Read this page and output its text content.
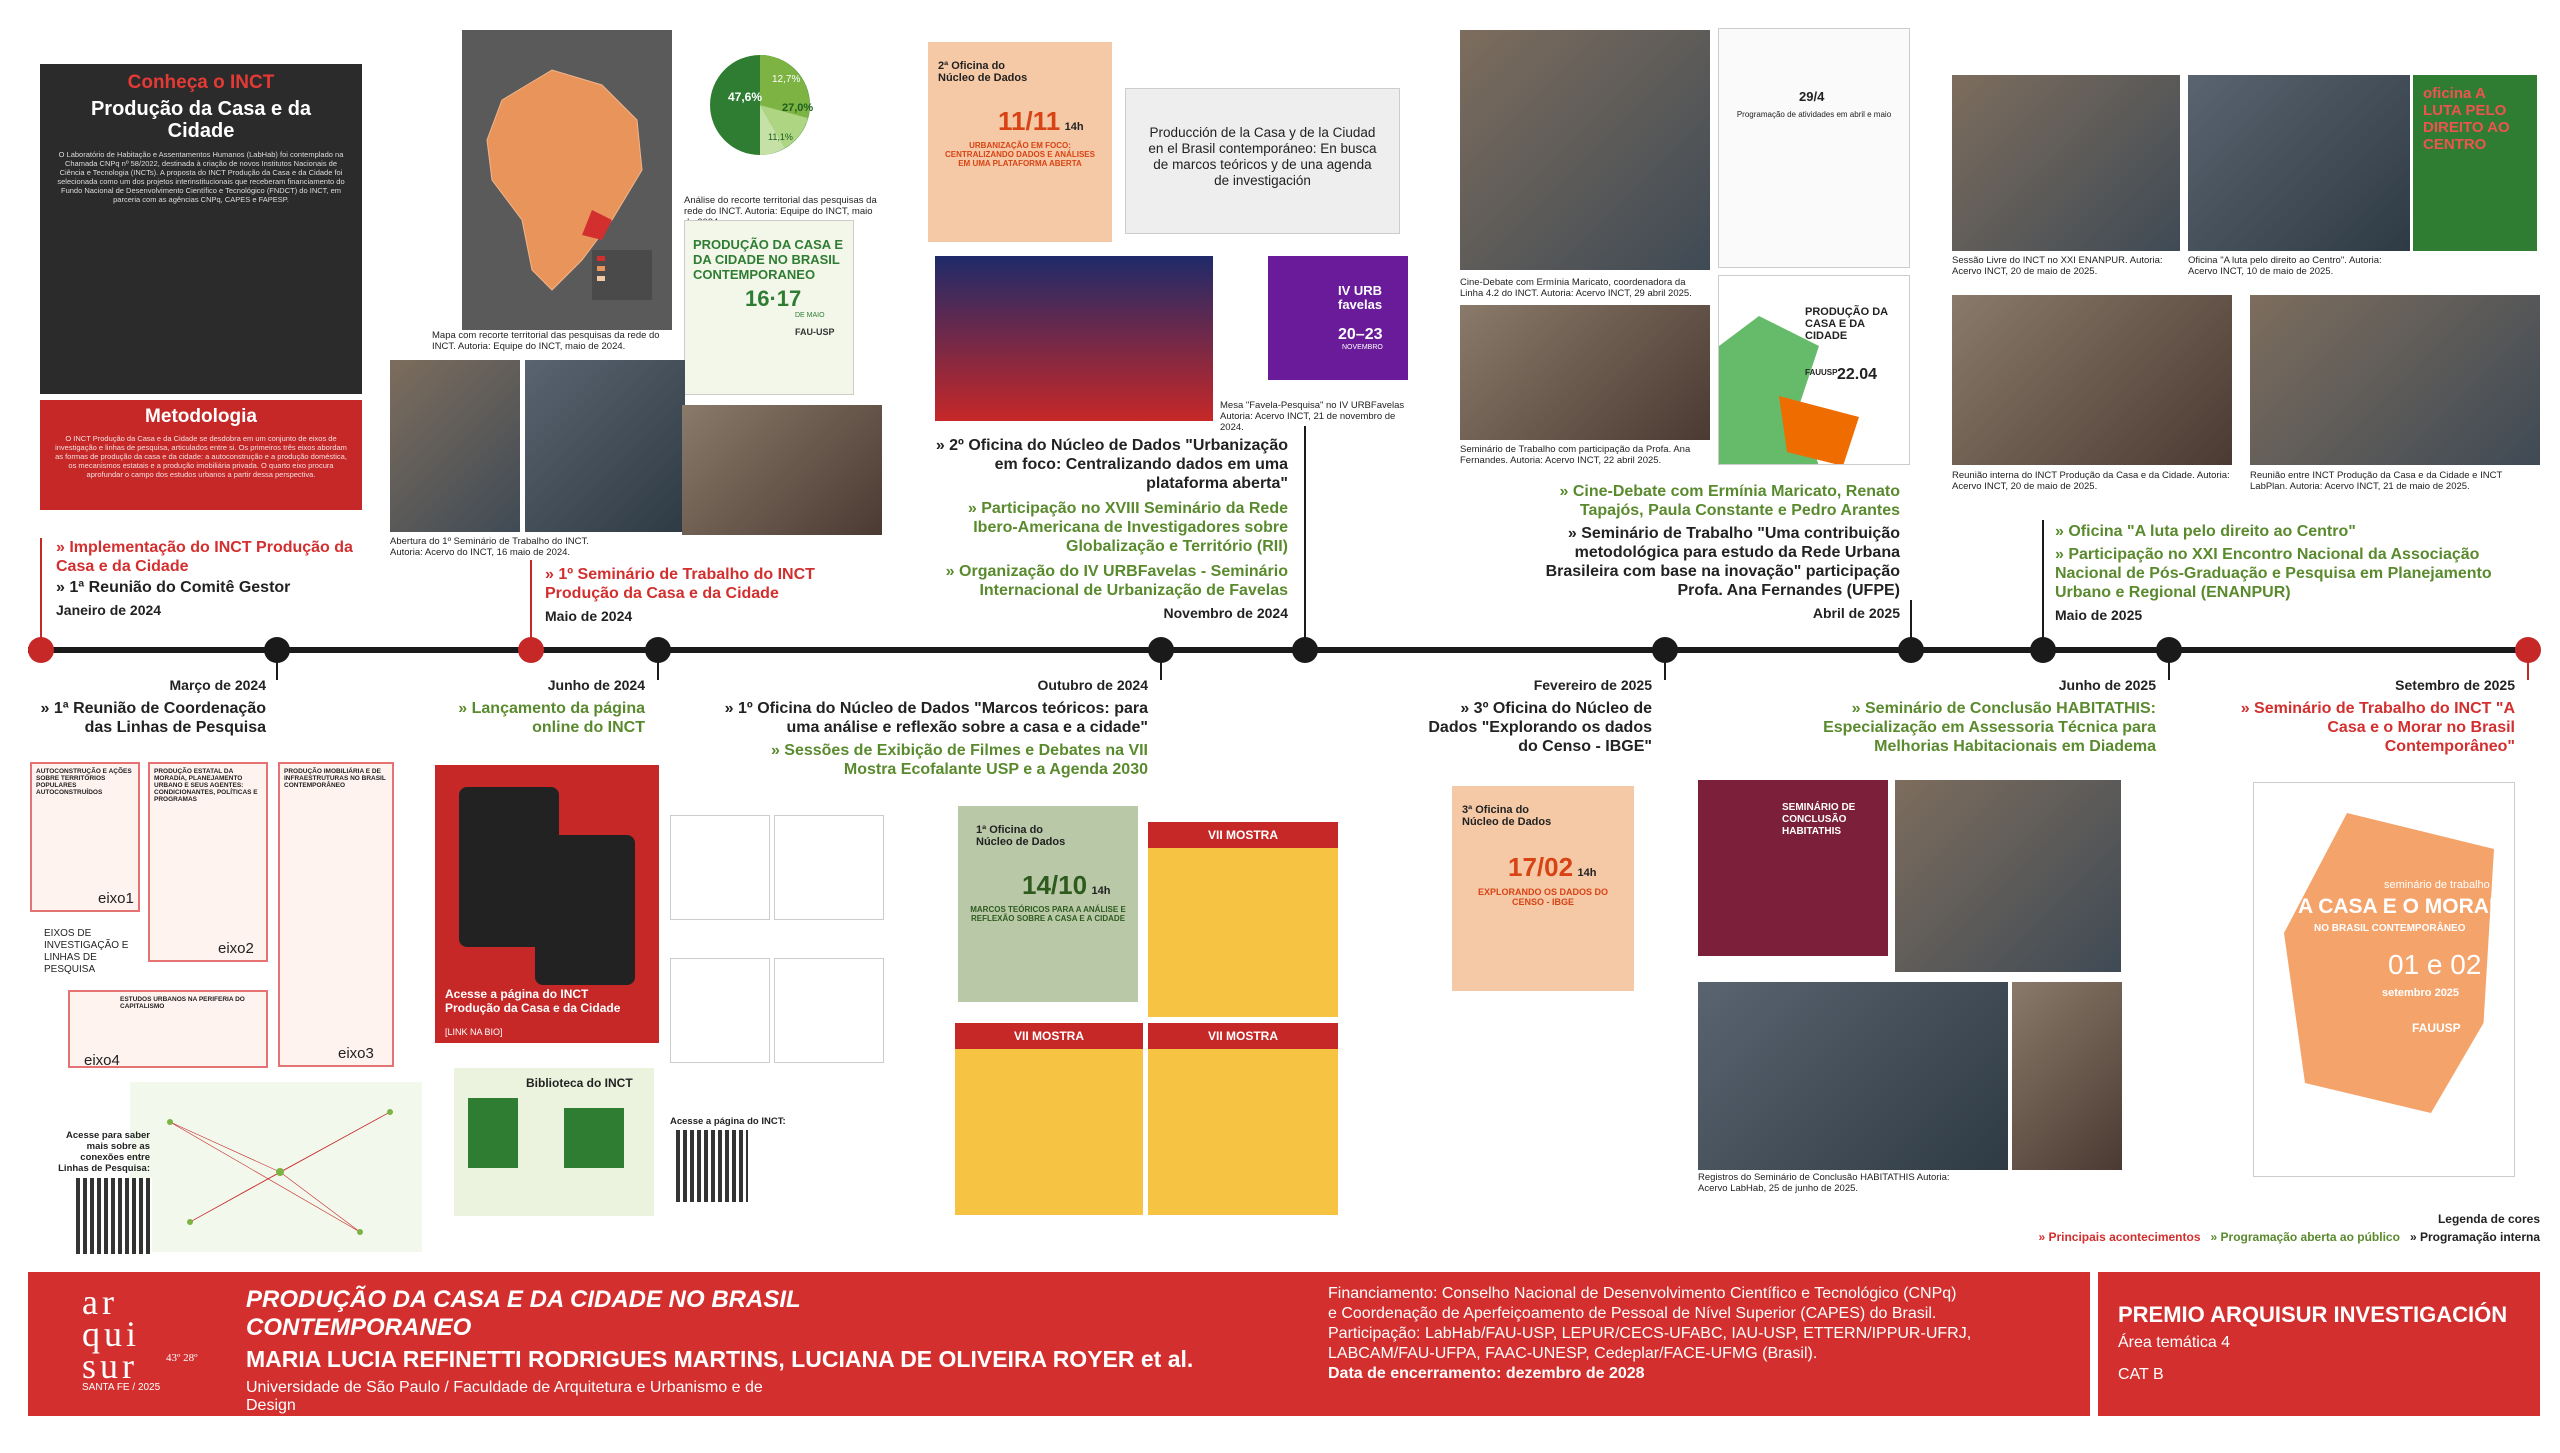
Conheça o INCT
Produção da Casa e da Cidade
O Laboratório de Habitação e Assentamentos Humanos (LabHab) foi contemplado na Chamada CNPq nº 58/2022, destinada à criação de novos Institutos Nacionais de Ciência e Tecnologia (INCTs). A proposta do INCT Produção da Casa e da Cidade foi selecionada como um dos projetos interinstitucionais que receberam financiamento do Fundo Nacional de Desenvolvimento Científico e Tecnológico (FNDCT) do INCT, em parceria com as agências CNPq, CAPES e FAPESP.
Metodologia
O INCT Produção da Casa e da Cidade se desdobra em um conjunto de eixos de investigação e linhas de pesquisa, articulados entre si. Os primeiros três eixos abordam as formas de produção da casa e da cidade: a autoconstrução e a produção doméstica, os mecanismos estatais e a produção imobiliária privada. O quarto eixo procura aprofundar o campo dos estudos urbanos a partir dessa perspectiva.
Mapa com recorte territorial das pesquisas da rede do INCT. Autoria: Equipe do INCT, maio de 2024.
47,6%
27,0%
12,7%
11,1%
Análise do recorte territorial das pesquisas da rede do INCT. Autoria: Equipe do INCT, maio
PRODUÇÃO DA CASA E DA CIDADE NO BRASIL CONTEMPORANEO
16·17
DE MAIO
FAU-USP
Abertura do 1º Seminário de Trabalho do INCT. Autoria: Acervo do INCT, 16 maio de 2024.
2ª Oficina do Núcleo de Dados
11/11 14h
URBANIZAÇÃO EM FOCO: CENTRALIZANDO DADOS E ANÁLISES EM UMA PLATAFORMA ABERTA
Producción de la Casa y de la Ciudad en el Brasil contemporáneo: En busca de marcos teóricos y de una agenda de investigación
IV URB favelas
20–23
NOVEMBRO
Mesa "Favela-Pesquisa" no IV URBFavelas Autoria: Acervo INCT, 21 de novembro de 2024.
Cine-Debate com Ermínia Maricato, coordenadora da Linha 4.2 do INCT. Autoria: Acervo INCT, 29 abril 2025.
29/4
Programação de atividades em abril e maio
Seminário de Trabalho com participação da Profa. Ana Fernandes. Autoria: Acervo INCT, 22 abril 2025.
PRODUÇÃO DA CASA E DA CIDADE
22.04
FAUUSP
Sessão Livre do INCT no XXI ENANPUR. Autoria: Acervo INCT, 20 de maio de 2025.
Oficina "A luta pelo direito ao Centro". Autoria: Acervo INCT, 10 de maio de 2025.
oficina A LUTA PELO DIREITO AO CENTRO
Reunião interna do INCT Produção da Casa e da Cidade. Autoria: Acervo INCT, 20 de maio de 2025.
Reunião entre INCT Produção da Casa e da Cidade e INCT LabPlan. Autoria: Acervo INCT, 21 de maio de 2025.
» Implementação do INCT Produção da Casa e da Cidade
» 1ª Reunião do Comitê Gestor
Janeiro de 2024
» 1º Seminário de Trabalho do INCT Produção da Casa e da Cidade
Maio de 2024
» 2º Oficina do Núcleo de Dados "Urbanização em foco: Centralizando dados em uma plataforma aberta"
» Participação no XVIII Seminário da Rede Ibero-Americana de Investigadores sobre Globalização e Território (RII)
» Organização do IV URBFavelas - Seminário Internacional de Urbanização de Favelas
Novembro de 2024
» Cine-Debate com Ermínia Maricato, Renato Tapajós, Paula Constante e Pedro Arantes
» Seminário de Trabalho "Uma contribuição metodológica para estudo da Rede Urbana Brasileira com base na inovação" participação Profa. Ana Fernandes (UFPE)
Abril de 2025
» Oficina "A luta pelo direito ao Centro"
» Participação no XXI Encontro Nacional da Associação Nacional de Pós-Graduação e Pesquisa em Planejamento Urbano e Regional (ENANPUR)
Maio de 2025
Março de 2024
» 1ª Reunião de Coordenação das Linhas de Pesquisa
Junho de 2024
» Lançamento da página online do INCT
Outubro de 2024
» 1º Oficina do Núcleo de Dados "Marcos teóricos: para uma análise e reflexão sobre a casa e a cidade"
» Sessões de Exibição de Filmes e Debates na VII Mostra Ecofalante USP e a Agenda 2030
Fevereiro de 2025
» 3º Oficina do Núcleo de Dados "Explorando os dados do Censo - IBGE"
Junho de 2025
» Seminário de Conclusão HABITATHIS: Especialização em Assessoria Técnica para Melhorias Habitacionais em Diadema
Setembro de 2025
» Seminário de Trabalho do INCT "A Casa e o Morar no Brasil Contemporâneo"
AUTOCONSTRUÇÃO E AÇÕES SOBRE TERRITÓRIOS POPULARES AUTOCONSTRUÍDOS
eixo1
PRODUÇÃO ESTATAL DA MORADIA, PLANEJAMENTO URBANO E SEUS AGENTES: CONDICIONANTES, POLÍTICAS E PROGRAMAS
eixo2
PRODUÇÃO IMOBILIÁRIA E DE INFRAESTRUTURAS NO BRASIL CONTEMPORÂNEO
eixo3
ESTUDOS URBANOS NA PERIFERIA DO CAPITALISMO
eixo4
EIXOS DE INVESTIGAÇÃO E LINHAS DE PESQUISA
Acesse para saber mais sobre as conexões entre Linhas de Pesquisa:
Acesse a página do INCT Produção da Casa e da Cidade
[LINK NA BIO]
Biblioteca do INCT
Acesse a página do INCT:
1ª Oficina do Núcleo de Dados
14/10 14h
MARCOS TEÓRICOS PARA A ANÁLISE E REFLEXÃO SOBRE A CASA E A CIDADE
VII MOSTRA
VII MOSTRA	VII MOSTRA
3ª Oficina do Núcleo de Dados
17/02 14h
EXPLORANDO OS DADOS DO CENSO - IBGE
SEMINÁRIO DE CONCLUSÃO HABITATHIS
Registros do Seminário de Conclusão HABITATHIS Autoria: Acervo LabHab, 25 de junho de 2025.
seminário de trabalho
A CASA E O MORAR
NO BRASIL CONTEMPORÂNEO
01 e 02
setembro 2025
FAUUSP
Legenda de cores
» Principais acontecimentos » Programação aberta ao público » Programação interna
ar
qui
sur	43º 28º
SANTA FE / 2025
PRODUÇÃO DA CASA E DA CIDADE NO BRASIL CONTEMPORANEO
MARIA LUCIA REFINETTI RODRIGUES MARTINS, LUCIANA DE OLIVEIRA ROYER et al.
Universidade de São Paulo / Faculdade de Arquitetura e Urbanismo e de Design
inct-casaecidade@usp.br / Rua do Lago, 876 – São Paulo – SP – Brasil / +55 11 3091 4795.
Financiamento: Conselho Nacional de Desenvolvimento Científico e Tecnológico (CNPq)
e Coordenação de Aperfeiçoamento de Pessoal de Nível Superior (CAPES) do Brasil.
Participação: LabHab/FAU-USP, LEPUR/CECS-UFABC, IAU-USP, ETTERN/IPPUR-UFRJ,
LABCAM/FAU-UFPA, FAAC-UNESP, Cedeplar/FACE-UFMG (Brasil).
Data de encerramento: dezembro de 2028
PREMIO ARQUISUR INVESTIGACIÓN
Área temática 4
CAT B
